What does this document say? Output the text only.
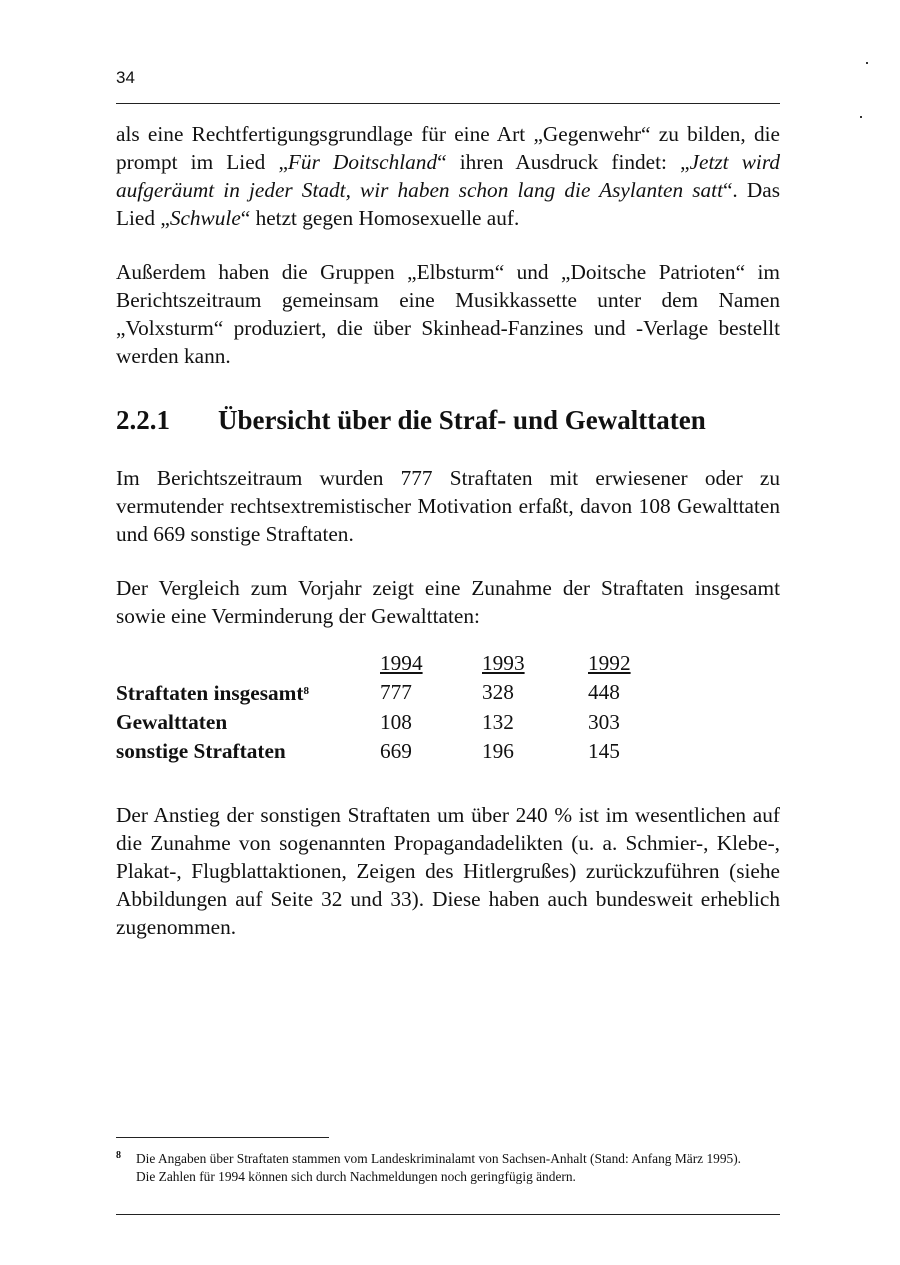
34

als eine Rechtfertigungsgrundlage für eine Art „Gegenwehr“ zu bilden, die prompt im Lied „Für Doitschland“ ihren Ausdruck findet: „Jetzt wird aufgeräumt in jeder Stadt, wir haben schon lang die Asylanten satt“. Das Lied „Schwule“ hetzt gegen Homosexuelle auf.

Außerdem haben die Gruppen „Elbsturm“ und „Doitsche Patrioten“ im Berichtszeitraum gemeinsam eine Musikkassette unter dem Namen „Volxsturm“ produziert, die über Skinhead-Fanzines und -Verlage bestellt werden kann.

2.2.1	Übersicht über die Straf- und Gewalttaten

Im Berichtszeitraum wurden 777 Straftaten mit erwiesener oder zu vermutender rechtsextremistischer Motivation erfaßt, davon 108 Gewalttaten und 669 sonstige Straftaten.

Der Vergleich zum Vorjahr zeigt eine Zunahme der Straftaten insgesamt sowie eine Verminderung der Gewalttaten:

	1994	1993	1992
Straftaten insgesamt$^8$	777	328	448
Gewalttaten	108	132	303
sonstige Straftaten	669	196	145

Der Anstieg der sonstigen Straftaten um über 240 % ist im wesentlichen auf die Zunahme von sogenannten Propagandadelikten (u. a. Schmier-, Klebe-, Plakat-, Flugblattaktionen, Zeigen des Hitlergrußes) zurückzuführen (siehe Abbildungen auf Seite 32 und 33). Diese haben auch bundesweit erheblich zugenommen.

8 Die Angaben über Straftaten stammen vom Landeskriminalamt von Sachsen-Anhalt (Stand: Anfang März 1995). Die Zahlen für 1994 können sich durch Nachmeldungen noch geringfügig ändern.
